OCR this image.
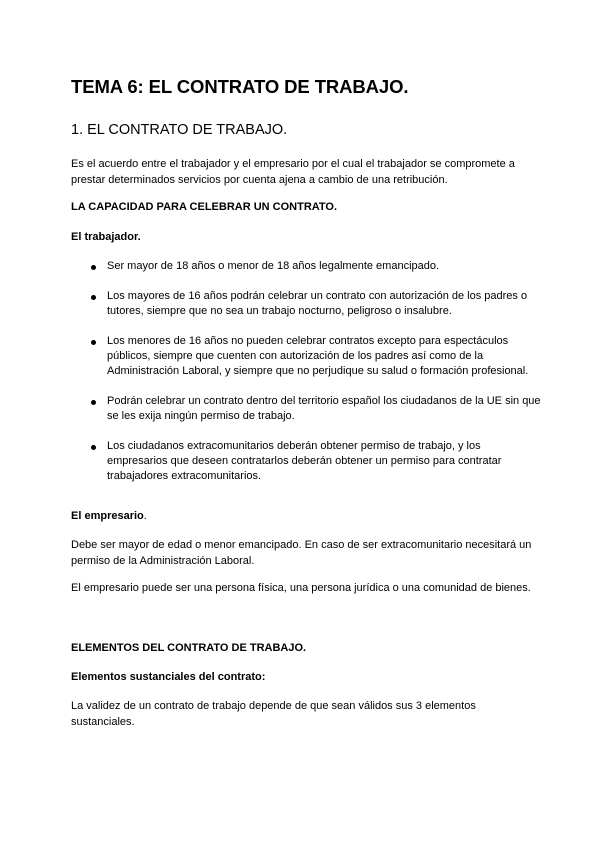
TEMA 6: EL CONTRATO DE TRABAJO.
1. EL CONTRATO DE TRABAJO.

Es el acuerdo entre el trabajador y el empresario por el cual el trabajador se compromete a prestar determinados servicios por cuenta ajena a cambio de una retribución.

LA CAPACIDAD PARA CELEBRAR UN CONTRATO.

El trabajador.

Ser mayor de 18 años o menor de 18 años legalmente emancipado.
Los mayores de 16 años podrán celebrar un contrato con autorización de los padres o tutores, siempre que no sea un trabajo nocturno, peligroso o insalubre.
Los menores de 16 años no pueden celebrar contratos excepto para espectáculos públicos, siempre que cuenten con autorización de los padres así como de la Administración Laboral, y siempre que no perjudique su salud o formación profesional.
Podrán celebrar un contrato dentro del territorio español los ciudadanos de la UE sin que se les exija ningún permiso de trabajo.
Los ciudadanos extracomunitarios deberán obtener permiso de trabajo, y los empresarios que deseen contratarlos deberán obtener un permiso para contratar trabajadores extracomunitarios.

El empresario.

Debe ser mayor de edad o menor emancipado. En caso de ser extracomunitario necesitará un permiso de la Administración Laboral.

El empresario puede ser una persona física, una persona jurídica o una comunidad de bienes.

ELEMENTOS DEL CONTRATO DE TRABAJO.

Elementos sustanciales del contrato:

La validez de un contrato de trabajo depende de que sean válidos sus 3 elementos sustanciales.
